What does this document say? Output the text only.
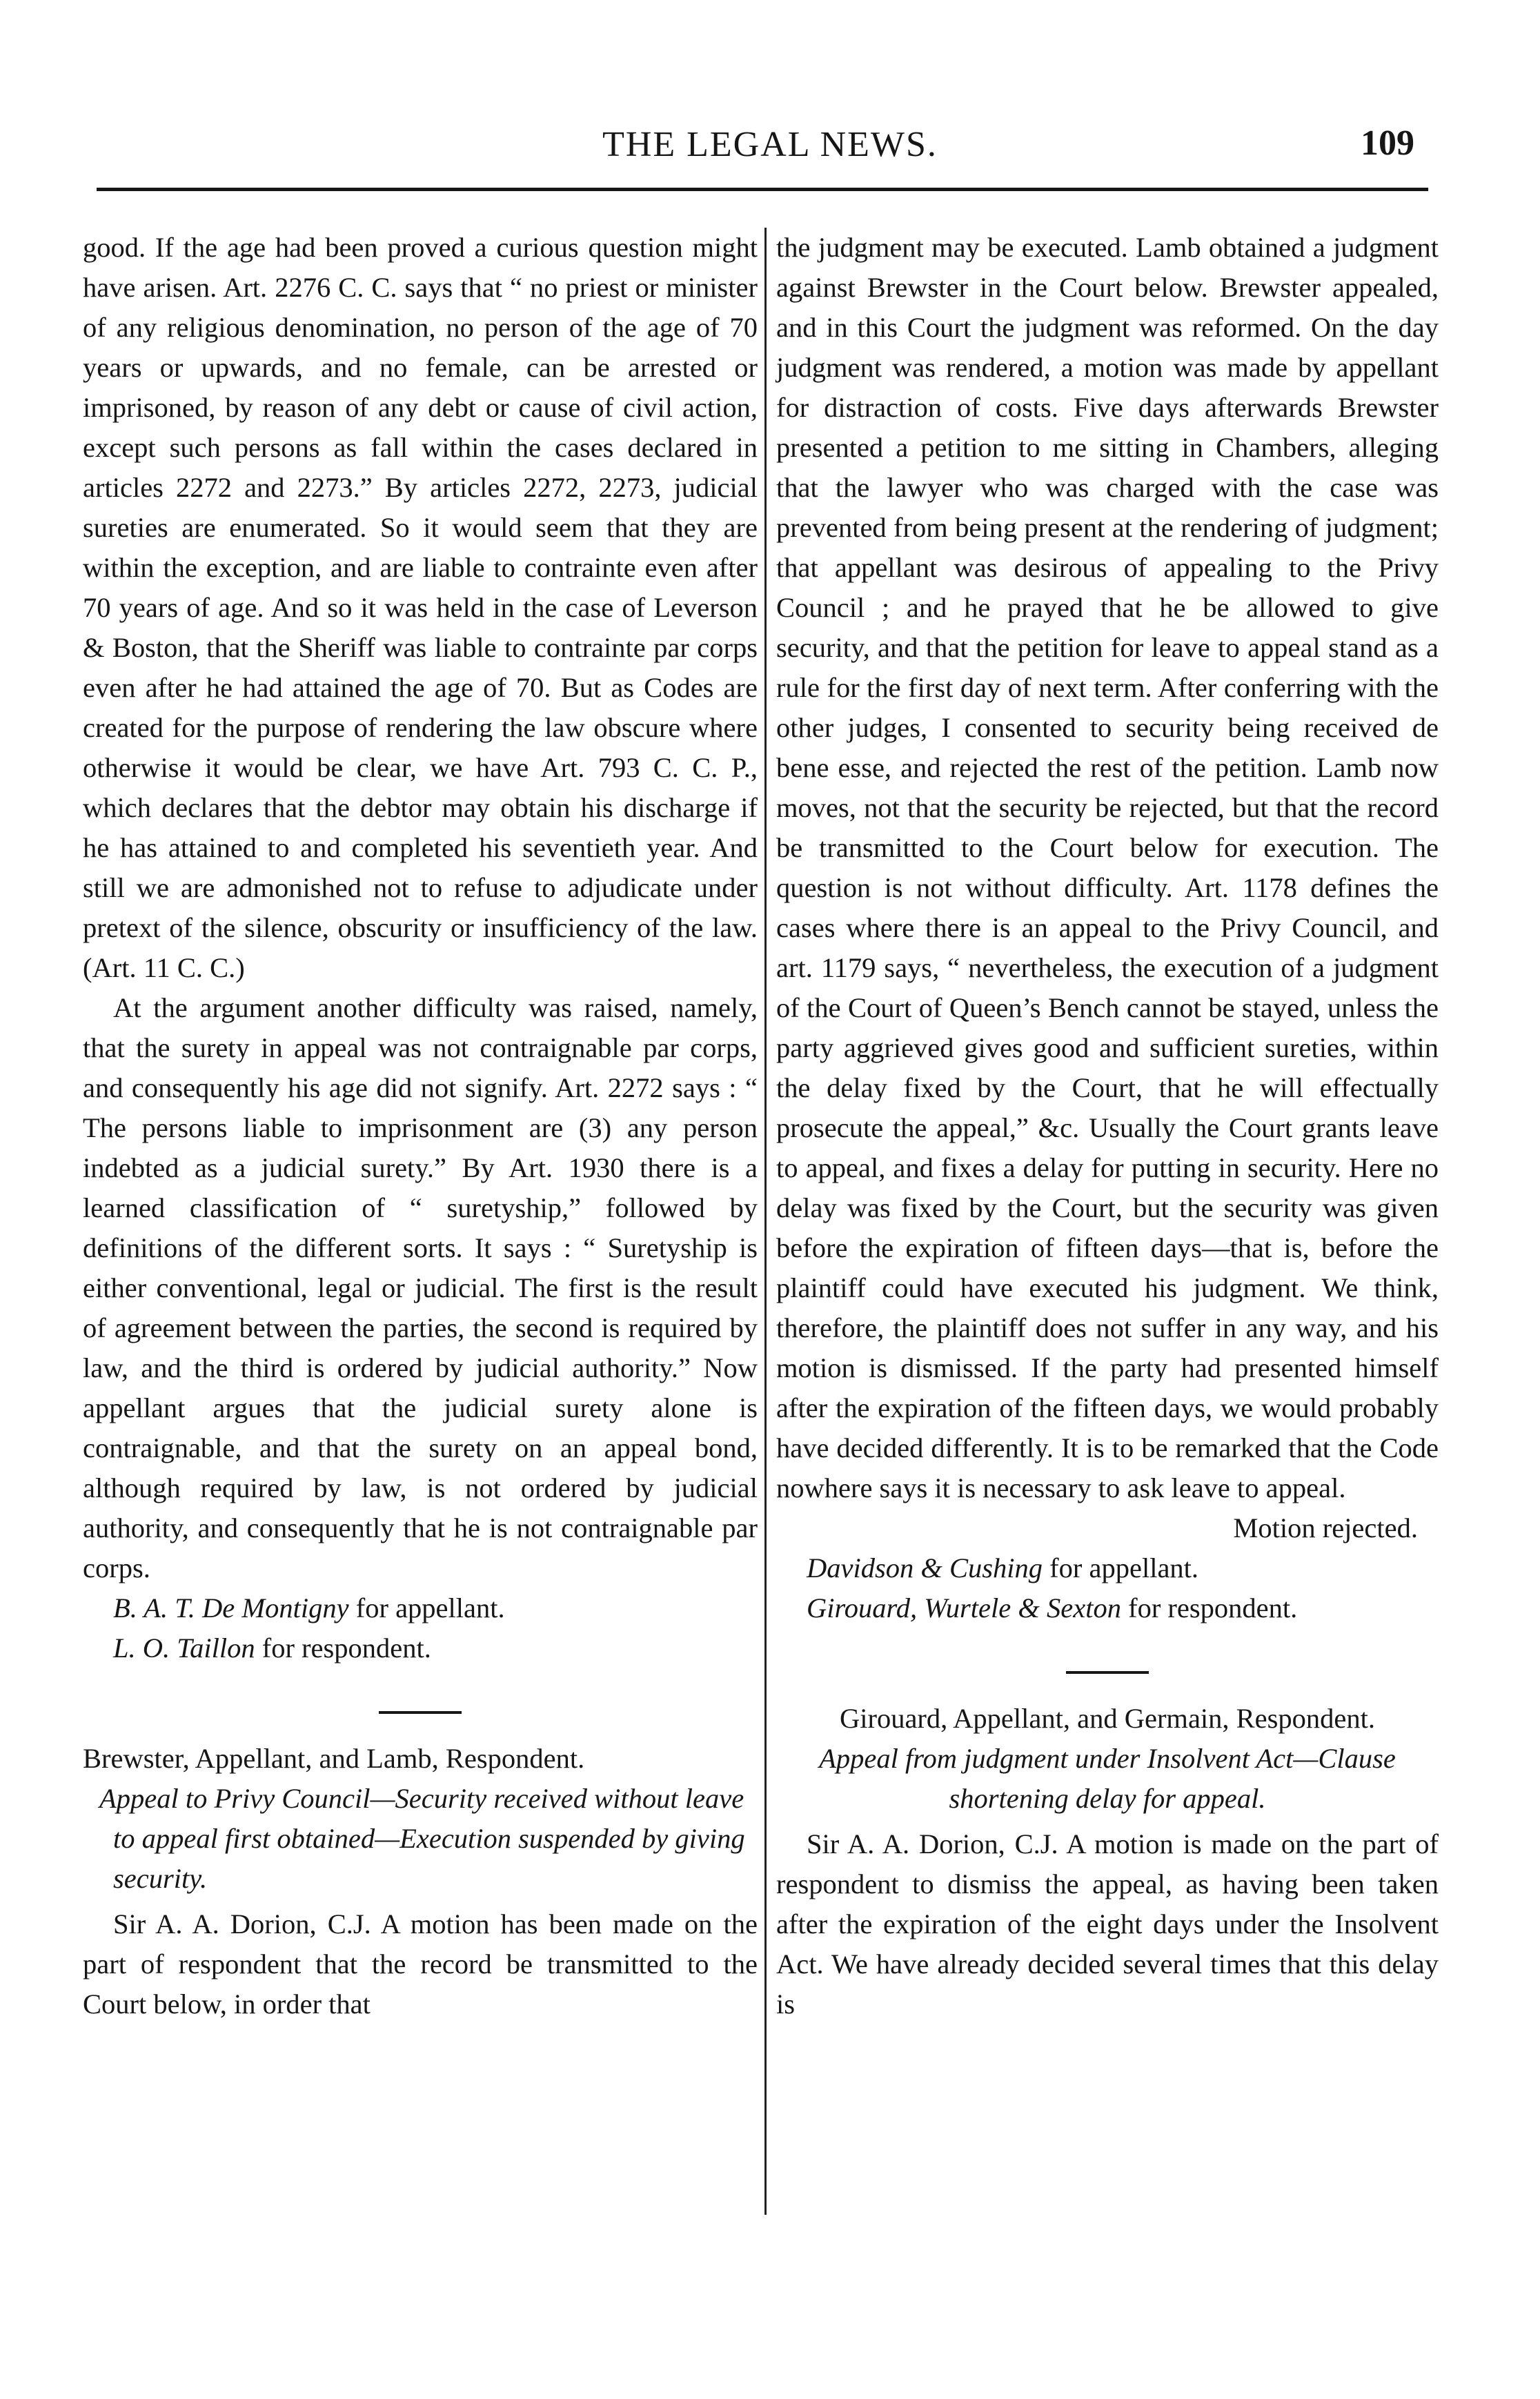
THE LEGAL NEWS.	109

good. If the age had been proved a curious question might have arisen. Art. 2276 C. C. says that “ no priest or minister of any religious denomination, no person of the age of 70 years or upwards, and no female, can be arrested or imprisoned, by reason of any debt or cause of civil action, except such persons as fall within the cases declared in articles 2272 and 2273.” By articles 2272, 2273, judicial sureties are enumerated. So it would seem that they are within the exception, and are liable to contrainte even after 70 years of age. And so it was held in the case of Leverson & Boston, that the Sheriff was liable to contrainte par corps even after he had attained the age of 70. But as Codes are created for the purpose of rendering the law obscure where otherwise it would be clear, we have Art. 793 C. C. P., which declares that the debtor may obtain his discharge if he has attained to and completed his seventieth year. And still we are admonished not to refuse to adjudicate under pretext of the silence, obscurity or insufficiency of the law. (Art. 11 C. C.)

At the argument another difficulty was raised, namely, that the surety in appeal was not contraignable par corps, and consequently his age did not signify. Art. 2272 says : “ The persons liable to imprisonment are (3) any person indebted as a judicial surety.” By Art. 1930 there is a learned classification of “ suretyship,” followed by definitions of the different sorts. It says : “ Suretyship is either conventional, legal or judicial. The first is the result of agreement between the parties, the second is required by law, and the third is ordered by judicial authority.” Now appellant argues that the judicial surety alone is contraignable, and that the surety on an appeal bond, although required by law, is not ordered by judicial authority, and consequently that he is not contraignable par corps.

B. A. T. De Montigny for appellant.

L. O. Taillon for respondent.

Brewster, Appellant, and Lamb, Respondent.

Appeal to Privy Council—Security received without leave to appeal first obtained—Execution suspended by giving security.

Sir A. A. Dorion, C.J. A motion has been made on the part of respondent that the record be transmitted to the Court below, in order that

the judgment may be executed. Lamb obtained a judgment against Brewster in the Court below. Brewster appealed, and in this Court the judgment was reformed. On the day judgment was rendered, a motion was made by appellant for distraction of costs. Five days afterwards Brewster presented a petition to me sitting in Chambers, alleging that the lawyer who was charged with the case was prevented from being present at the rendering of judgment; that appellant was desirous of appealing to the Privy Council ; and he prayed that he be allowed to give security, and that the petition for leave to appeal stand as a rule for the first day of next term. After conferring with the other judges, I consented to security being received de bene esse, and rejected the rest of the petition. Lamb now moves, not that the security be rejected, but that the record be transmitted to the Court below for execution. The question is not without difficulty. Art. 1178 defines the cases where there is an appeal to the Privy Council, and art. 1179 says, “ nevertheless, the execution of a judgment of the Court of Queen’s Bench cannot be stayed, unless the party aggrieved gives good and sufficient sureties, within the delay fixed by the Court, that he will effectually prosecute the appeal,” &c. Usually the Court grants leave to appeal, and fixes a delay for putting in security. Here no delay was fixed by the Court, but the security was given before the expiration of fifteen days—that is, before the plaintiff could have executed his judgment. We think, therefore, the plaintiff does not suffer in any way, and his motion is dismissed. If the party had presented himself after the expiration of the fifteen days, we would probably have decided differently. It is to be remarked that the Code nowhere says it is necessary to ask leave to appeal.

Motion rejected.

Davidson & Cushing for appellant.

Girouard, Wurtele & Sexton for respondent.

Girouard, Appellant, and Germain, Respondent.

Appeal from judgment under Insolvent Act—Clause shortening delay for appeal.

Sir A. A. Dorion, C.J. A motion is made on the part of respondent to dismiss the appeal, as having been taken after the expiration of the eight days under the Insolvent Act. We have already decided several times that this delay is
